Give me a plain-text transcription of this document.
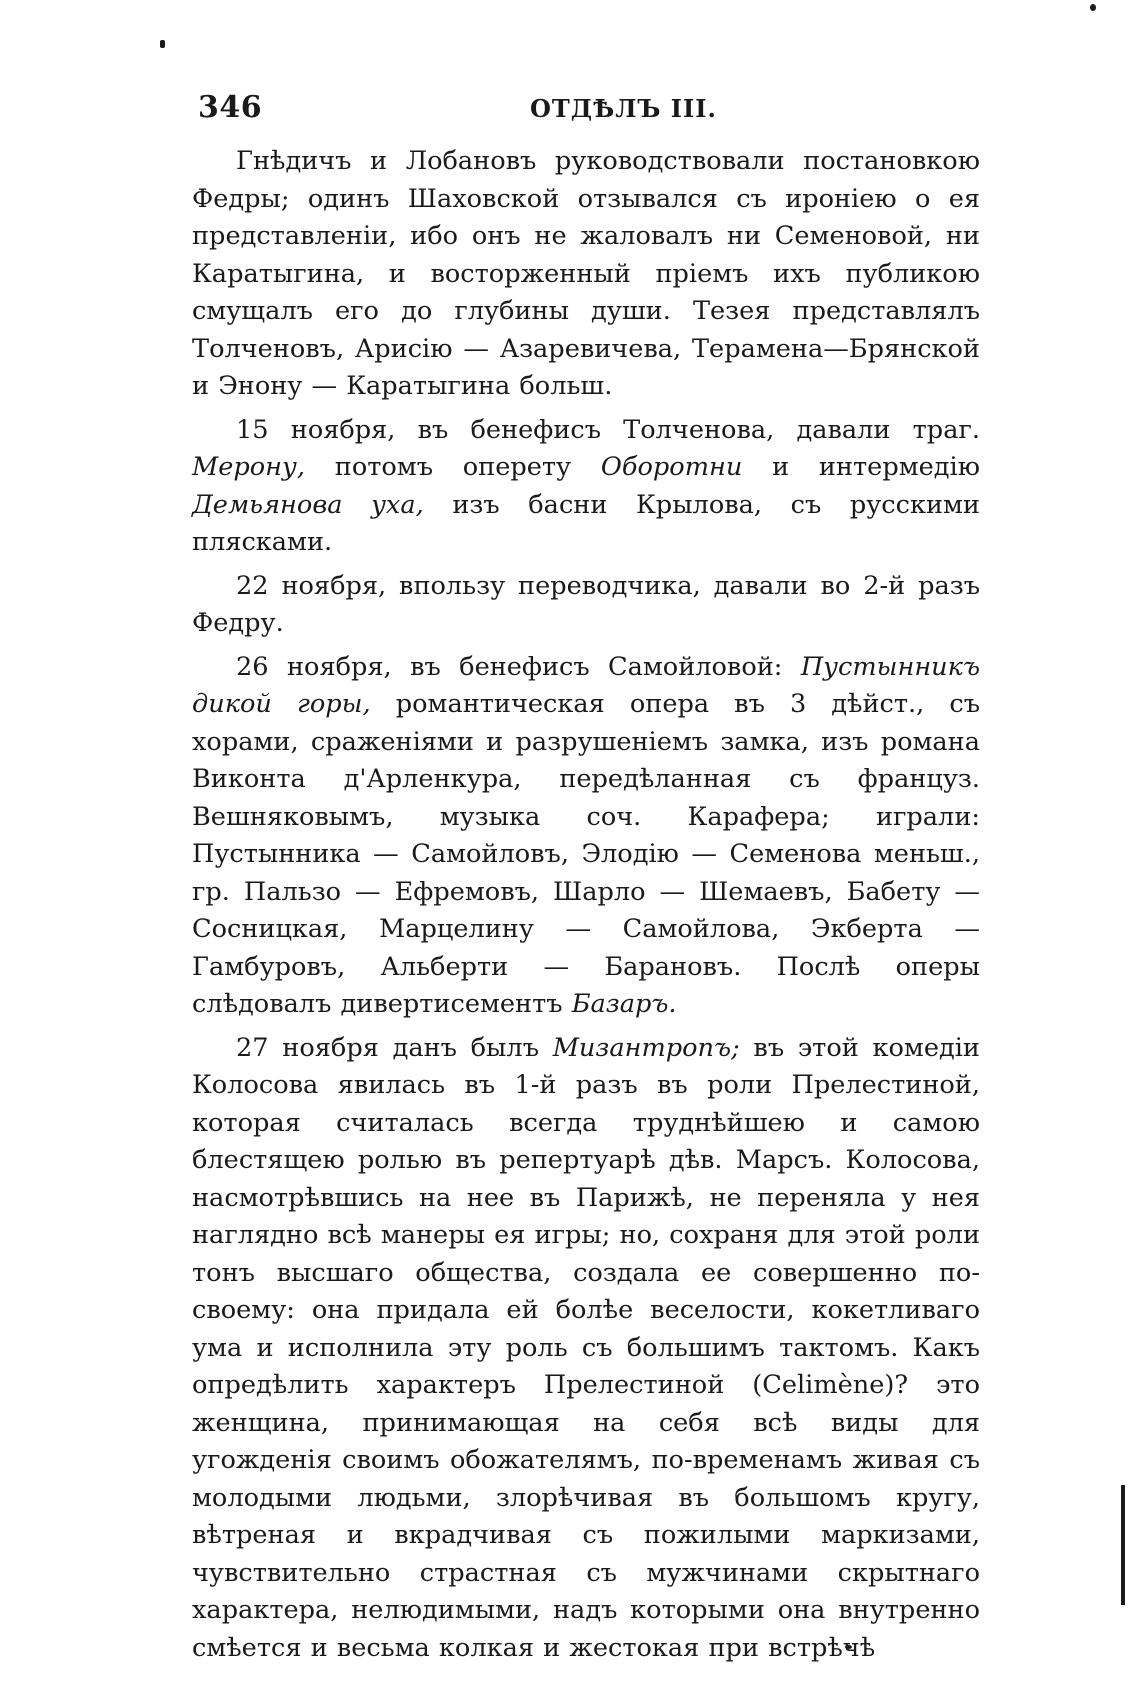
346	ОТДѢЛЪ III.

Гнѣдичъ и Лобановъ руководствовали постановкою Федры; одинъ Шаховской отзывался съ ироніею о ея представленіи, ибо онъ не жаловалъ ни Семеновой, ни Каратыгина, и восторженный пріемъ ихъ публикою смущалъ его до глубины души. Тезея представлялъ Толченовъ, Арисію — Азаревичева, Терамена—Брянской и Энону — Каратыгина больш.

15 ноября, въ бенефисъ Толченова, давали траг. Мерону, потомъ оперету Оборотни и интермедію Демьянова уха, изъ басни Крылова, съ русскими плясками.

22 ноября, впользу переводчика, давали во 2-й разъ Федру.

26 ноября, въ бенефисъ Самойловой: Пустынникъ дикой горы, романтическая опера въ 3 дѣйст., съ хорами, сраженіями и разрушеніемъ замка, изъ романа Виконта д'Арленкура, передѣланная съ француз. Вешняковымъ, музыка соч. Карафера; играли: Пустынника — Самойловъ, Элодію — Семенова меньш., гр. Пальзо — Ефремовъ, Шарло — Шемаевъ, Бабету — Сосницкая, Марцелину — Самойлова, Экберта — Гамбуровъ, Альберти — Барановъ. Послѣ оперы слѣдовалъ дивертисементъ Базаръ.

27 ноября данъ былъ Мизантропъ; въ этой комедіи Колосова явилась въ 1-й разъ въ роли Прелестиной, которая считалась всегда труднѣйшею и самою блестящею ролью въ репертуарѣ дѣв. Марсъ. Колосова, насмотрѣвшись на нее въ Парижѣ, не переняла у нея наглядно всѣ манеры ея игры; но, сохраня для этой роли тонъ высшаго общества, создала ее совершенно по-своему: она придала ей болѣе веселости, кокетливаго ума и исполнила эту роль съ большимъ тактомъ. Какъ опредѣлить характеръ Прелестиной (Celimène)? это женщина, принимающая на себя всѣ виды для угожденія своимъ обожателямъ, по-временамъ живая съ молодыми людьми, злорѣчивая въ большомъ кругу, вѣтреная и вкрадчивая съ пожилыми маркизами, чувствительно страстная съ мужчинами скрытнаго характера, нелюдимыми, надъ которыми она внутренно смѣется и весьма колкая и жестокая при встрѣчѣ
